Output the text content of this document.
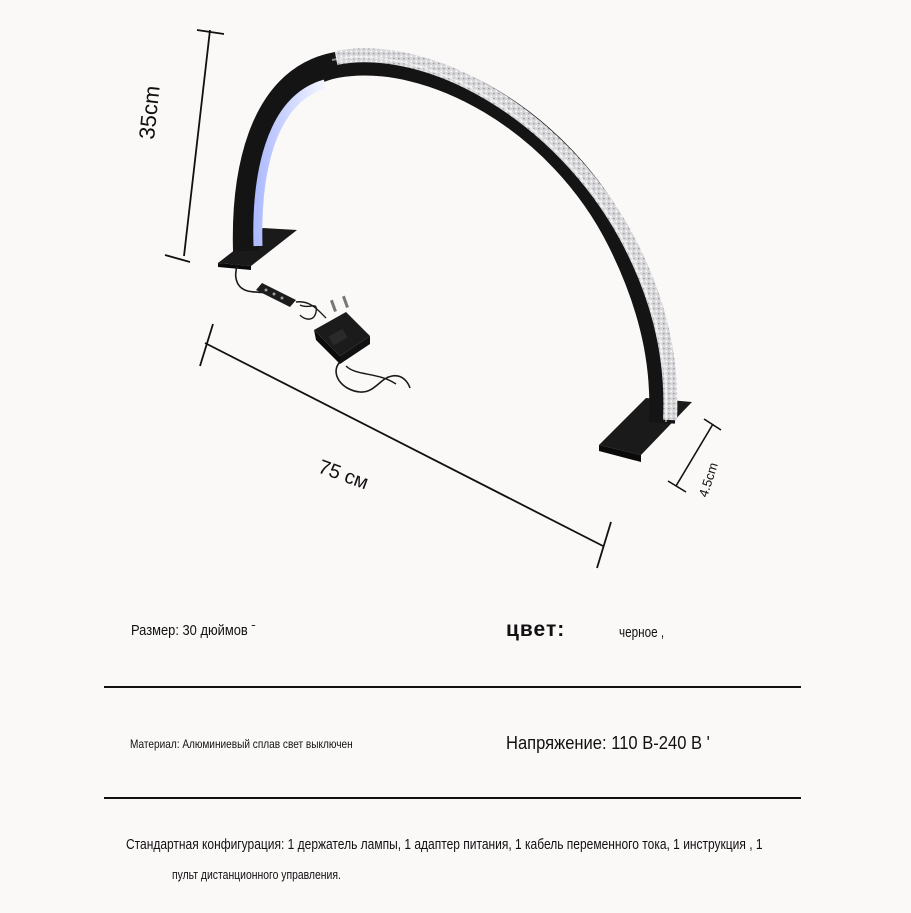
35cm
75 см	4.5cm
Размер: 30 дюймов ˉ	цвет:	черное ,
Материал: Алюминиевый сплав свет выключен	Напряжение: 110 В-240 В '
Стандартная конфигурация: 1 держатель лампы, 1 адаптер питания, 1 кабель переменного тока, 1 инструкция , 1
пульт дистанционного управления.
